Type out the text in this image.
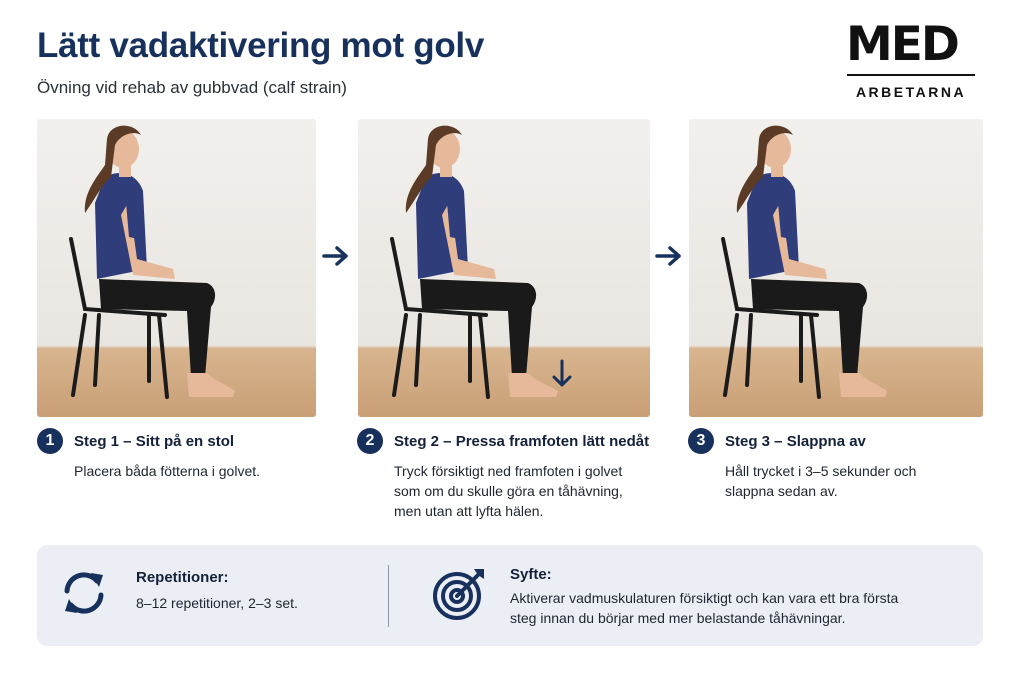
Lätt vadaktivering mot golv
Övning vid rehab av gubbvad (calf strain)
MED
ARBETARNA
1	Steg 1 – Sitt på en stol
Placera båda fötterna i golvet.
2	Steg 2 – Pressa framfoten lätt nedåt
Tryck försiktigt ned framfoten i golvet
som om du skulle göra en tåhävning,
men utan att lyfta hälen.
3	Steg 3 – Slappna av
Håll trycket i 3–5 sekunder och
slappna sedan av.
Repetitioner:
8–12 repetitioner, 2–3 set.
Syfte:
Aktiverar vadmuskulaturen försiktigt och kan vara ett bra första
steg innan du börjar med mer belastande tåhävningar.
